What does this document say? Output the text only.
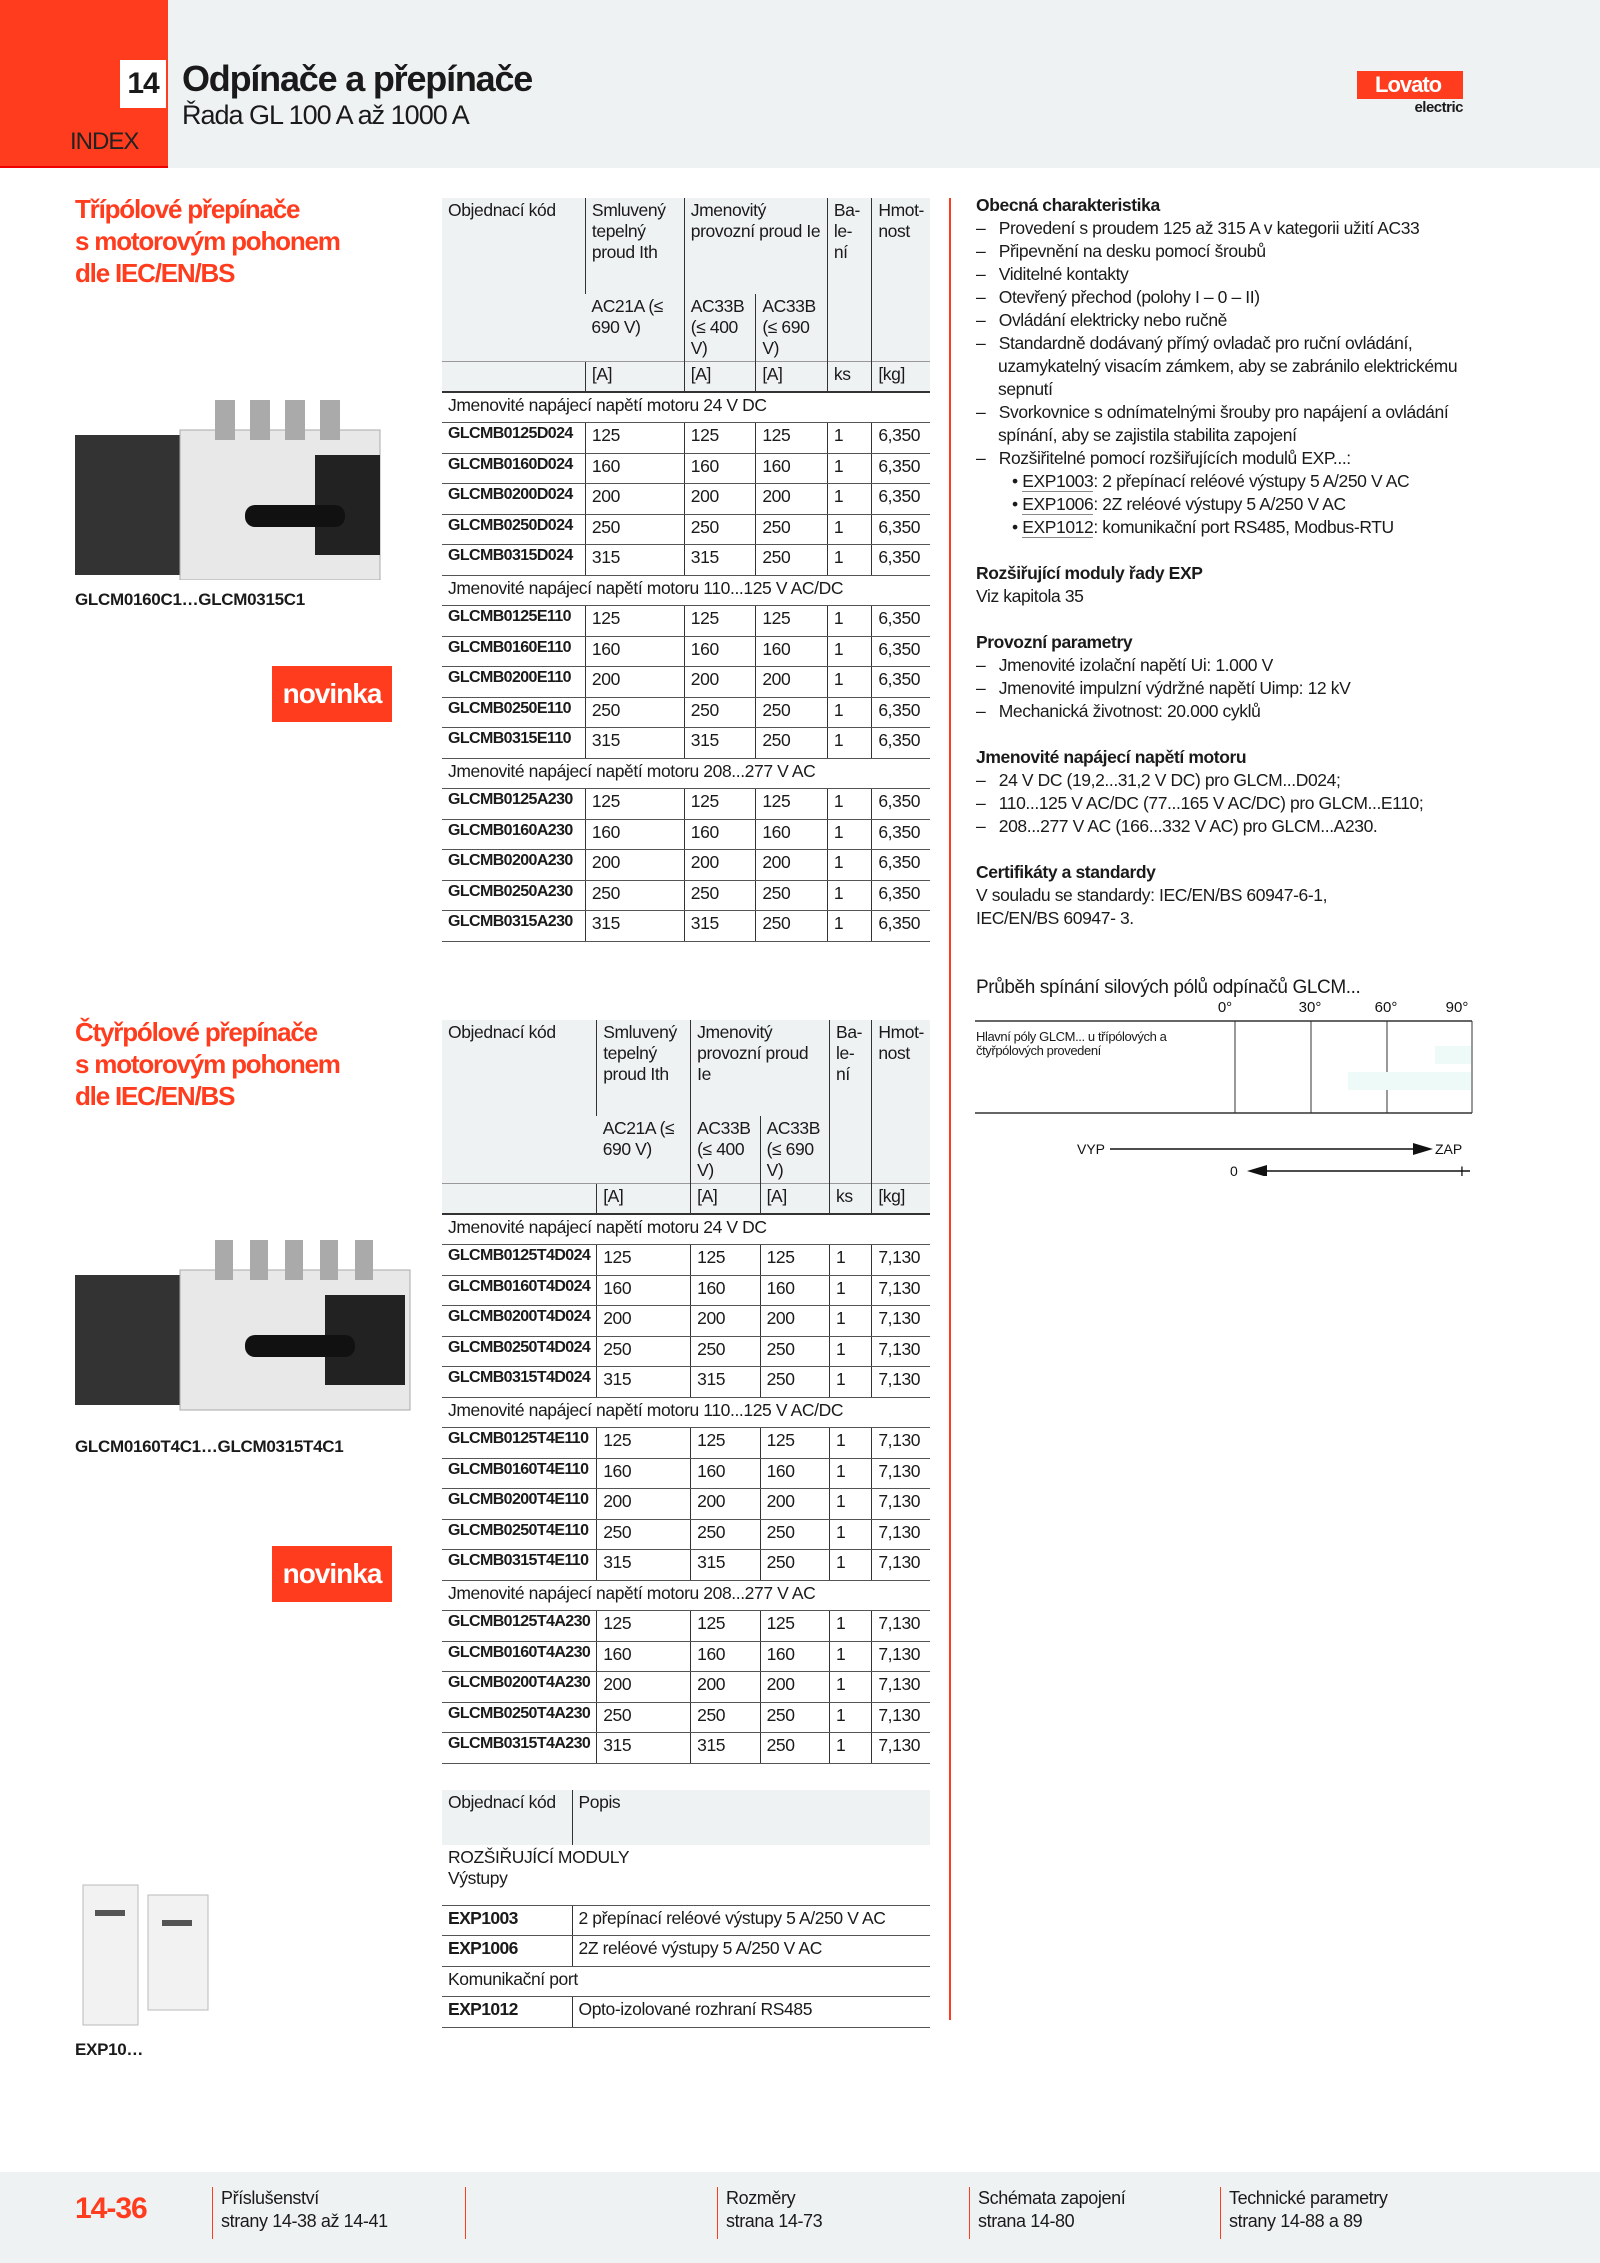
14
INDEX
Odpínače a přepínače
Řada GL 100 A až 1000 A
Lovato
electric
Třípólové přepínače
s motorovým pohonem
dle IEC/EN/BS
GLCM0160C1…GLCM0315C1
novinka
Čtyřpólové přepínače
s motorovým pohonem
dle IEC/EN/BS
GLCM0160T4C1…GLCM0315T4C1
novinka
EXP10…
Objednací kód	Smluvený tepelný proud Ith	Jmenovitý provozní proud Ie		Ba-le-ní	Hmot-nost
	AC21A (≤ 690 V)	AC33B (≤ 400 V)	AC33B (≤ 690 V)		
	[A]	[A]	[A]	ks	[kg]
Jmenovité napájecí napětí motoru 24 V DC					
GLCMB0125D024	125	125	125	1	6,350
GLCMB0160D024	160	160	160	1	6,350
GLCMB0200D024	200	200	200	1	6,350
GLCMB0250D024	250	250	250	1	6,350
GLCMB0315D024	315	315	250	1	6,350
Jmenovité napájecí napětí motoru 110...125 V AC/DC					
GLCMB0125E110	125	125	125	1	6,350
GLCMB0160E110	160	160	160	1	6,350
GLCMB0200E110	200	200	200	1	6,350
GLCMB0250E110	250	250	250	1	6,350
GLCMB0315E110	315	315	250	1	6,350
Jmenovité napájecí napětí motoru 208...277 V AC					
GLCMB0125A230	125	125	125	1	6,350
GLCMB0160A230	160	160	160	1	6,350
GLCMB0200A230	200	200	200	1	6,350
GLCMB0250A230	250	250	250	1	6,350
GLCMB0315A230	315	315	250	1	6,350
Objednací kód	Smluvený tepelný proud Ith	Jmenovitý provozní proud Ie		Ba-le-ní	Hmot-nost
	AC21A (≤ 690 V)	AC33B (≤ 400 V)	AC33B (≤ 690 V)		
	[A]	[A]	[A]	ks	[kg]
Jmenovité napájecí napětí motoru 24 V DC					
GLCMB0125T4D024	125	125	125	1	7,130
GLCMB0160T4D024	160	160	160	1	7,130
GLCMB0200T4D024	200	200	200	1	7,130
GLCMB0250T4D024	250	250	250	1	7,130
GLCMB0315T4D024	315	315	250	1	7,130
Jmenovité napájecí napětí motoru 110...125 V AC/DC					
GLCMB0125T4E110	125	125	125	1	7,130
GLCMB0160T4E110	160	160	160	1	7,130
GLCMB0200T4E110	200	200	200	1	7,130
GLCMB0250T4E110	250	250	250	1	7,130
GLCMB0315T4E110	315	315	250	1	7,130
Jmenovité napájecí napětí motoru 208...277 V AC					
GLCMB0125T4A230	125	125	125	1	7,130
GLCMB0160T4A230	160	160	160	1	7,130
GLCMB0200T4A230	200	200	200	1	7,130
GLCMB0250T4A230	250	250	250	1	7,130
GLCMB0315T4A230	315	315	250	1	7,130
Objednací kód	Popis

ROZŠIŘUJÍCÍ MODULY
Výstupy	

EXP1003	2 přepínací reléové výstupy 5 A/250 V AC
EXP1006	2Z reléové výstupy 5 A/250 V AC
Komunikační port	
EXP1012	Opto-izolované rozhraní RS485
Obecná charakteristika
–   Provedení s proudem 125 až 315 A v kategorii užití AC33
–   Připevnění na desku pomocí šroubů
–   Viditelné kontakty
–   Otevřený přechod (polohy I – 0 – II)
–   Ovládání elektricky nebo ručně
–   Standardně dodávaný přímý ovladač pro ruční ovládání, uzamykatelný visacím zámkem, aby se zabránilo elektrickému sepnutí
–   Svorkovnice s odnímatelnými šrouby pro napájení a ovládání spínání, aby se zajistila stabilita zapojení
–   Rozšiřitelné pomocí rozšiřujících modulů EXP...:
• EXP1003: 2 přepínací reléové výstupy 5 A/250 V AC
• EXP1006: 2Z reléové výstupy 5 A/250 V AC
• EXP1012: komunikační port RS485, Modbus-RTU
Rozšiřující moduly řady EXP
Viz kapitola 35
Provozní parametry
–   Jmenovité izolační napětí Ui: 1.000 V
–   Jmenovité impulzní výdržné napětí Uimp: 12 kV
–   Mechanická životnost: 20.000 cyklů
Jmenovité napájecí napětí motoru
–   24 V DC (19,2...31,2 V DC) pro GLCM...D024;
–   110...125 V AC/DC (77...165 V AC/DC) pro GLCM...E110;
–   208...277 V AC (166...332 V AC) pro GLCM...A230.
Certifikáty a standardy
V souladu se standardy: IEC/EN/BS 60947-6-1, IEC/EN/BS 60947- 3.
0°	30°	60°	90°
VYP	ZAP
0	I
Průběh spínání silových pólů odpínačů GLCM...
Hlavní póly GLCM... u třípólových a čtyřpólových provedení
14-36	Příslušenství
strany 14-38 až 14-41
Rozměry
strana 14-73
Schémata zapojení
strana 14-80
Technické parametry
strany 14-88 a 89
